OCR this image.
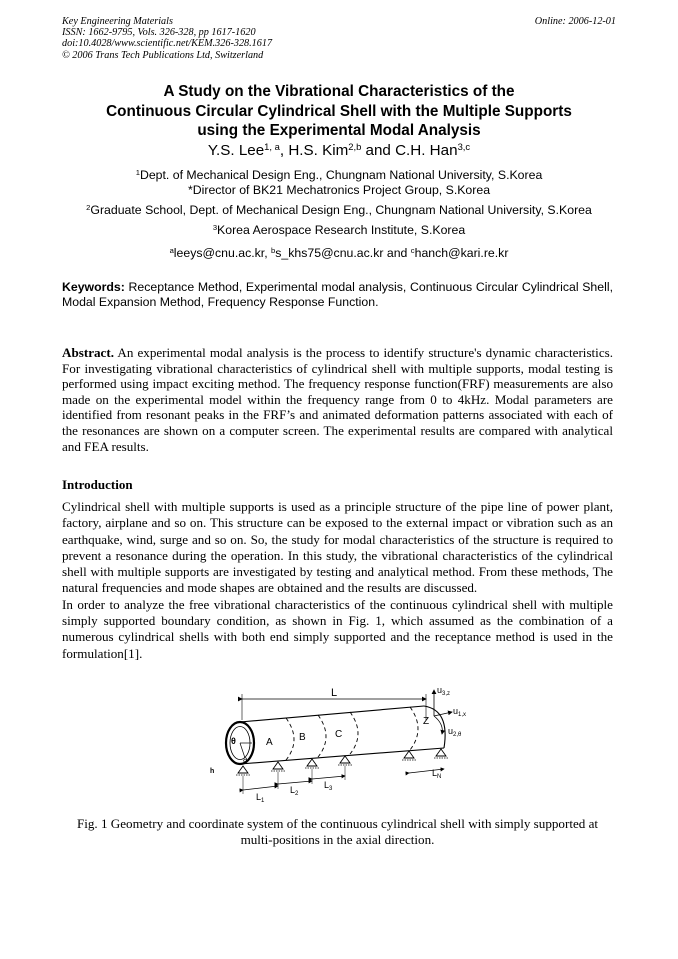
Key Engineering Materials
ISSN: 1662-9795, Vols. 326-328, pp 1617-1620
doi:10.4028/www.scientific.net/KEM.326-328.1617
© 2006 Trans Tech Publications Ltd, Switzerland
Online: 2006-12-01
A Study on the Vibrational Characteristics of the
Continuous Circular Cylindrical Shell with the Multiple Supports
using the Experimental Modal Analysis
Y.S. Lee$^{1, a}$, H.S. Kim$^{2,b}$ and C.H. Han$^{3,c}$
$^1$Dept. of Mechanical Design Eng., Chungnam National University, S.Korea
*Director of BK21 Mechatronics Project Group, S.Korea
$^2$Graduate School, Dept. of Mechanical Design Eng., Chungnam National University, S.Korea
$^3$Korea Aerospace Research Institute, S.Korea
$^a$leeys@cnu.ac.kr, $^b$s_khs75@cnu.ac.kr and $^c$hanch@kari.re.kr
Keywords: Receptance Method, Experimental modal analysis, Continuous Circular Cylindrical Shell, Modal Expansion Method, Frequency Response Function.
Abstract. An experimental modal analysis is the process to identify structure's dynamic characteristics. For investigating vibrational characteristics of cylindrical shell with multiple supports, modal testing is performed using impact exciting method. The frequency response function(FRF) measurements are also made on the experimental model within the frequency range from 0 to 4kHz. Modal parameters are identified from resonant peaks in the FRF’s and animated deformation patterns associated with each of the resonances are shown on a computer screen. The experimental results are compared with analytical and FEA results.
Introduction

Cylindrical shell with multiple supports is used as a principle structure of the pipe line of power plant, factory, airplane and so on. This structure can be exposed to the external impact or vibration such as an earthquake, wind, surge and so on. So, the study for modal characteristics of the structure is required to prevent a resonance during the operation. In this study, the vibrational characteristics of the cylindrical shell with multiple supports are investigated by testing and analytical method. From these methods, The natural frequencies and mode shapes are obtained and the results are discussed.

In order to analyze the free vibrational characteristics of the continuous cylindrical shell with multiple simply supported boundary condition, as shown in Fig. 1, which assumed as the combination of a numerous cylindrical shells with both end simply supported and the receptance method is used in the formulation[1].

L
A	B	C
Z
θ
a
h
$u_{3,z}$
$u_{1,x}$
$u_{2,\theta}$
$L_1$
$L_2$
$L_3$
$L_N$
Fig. 1 Geometry and coordinate system of the continuous cylindrical shell with simply supported at
multi-positions in the axial direction.
